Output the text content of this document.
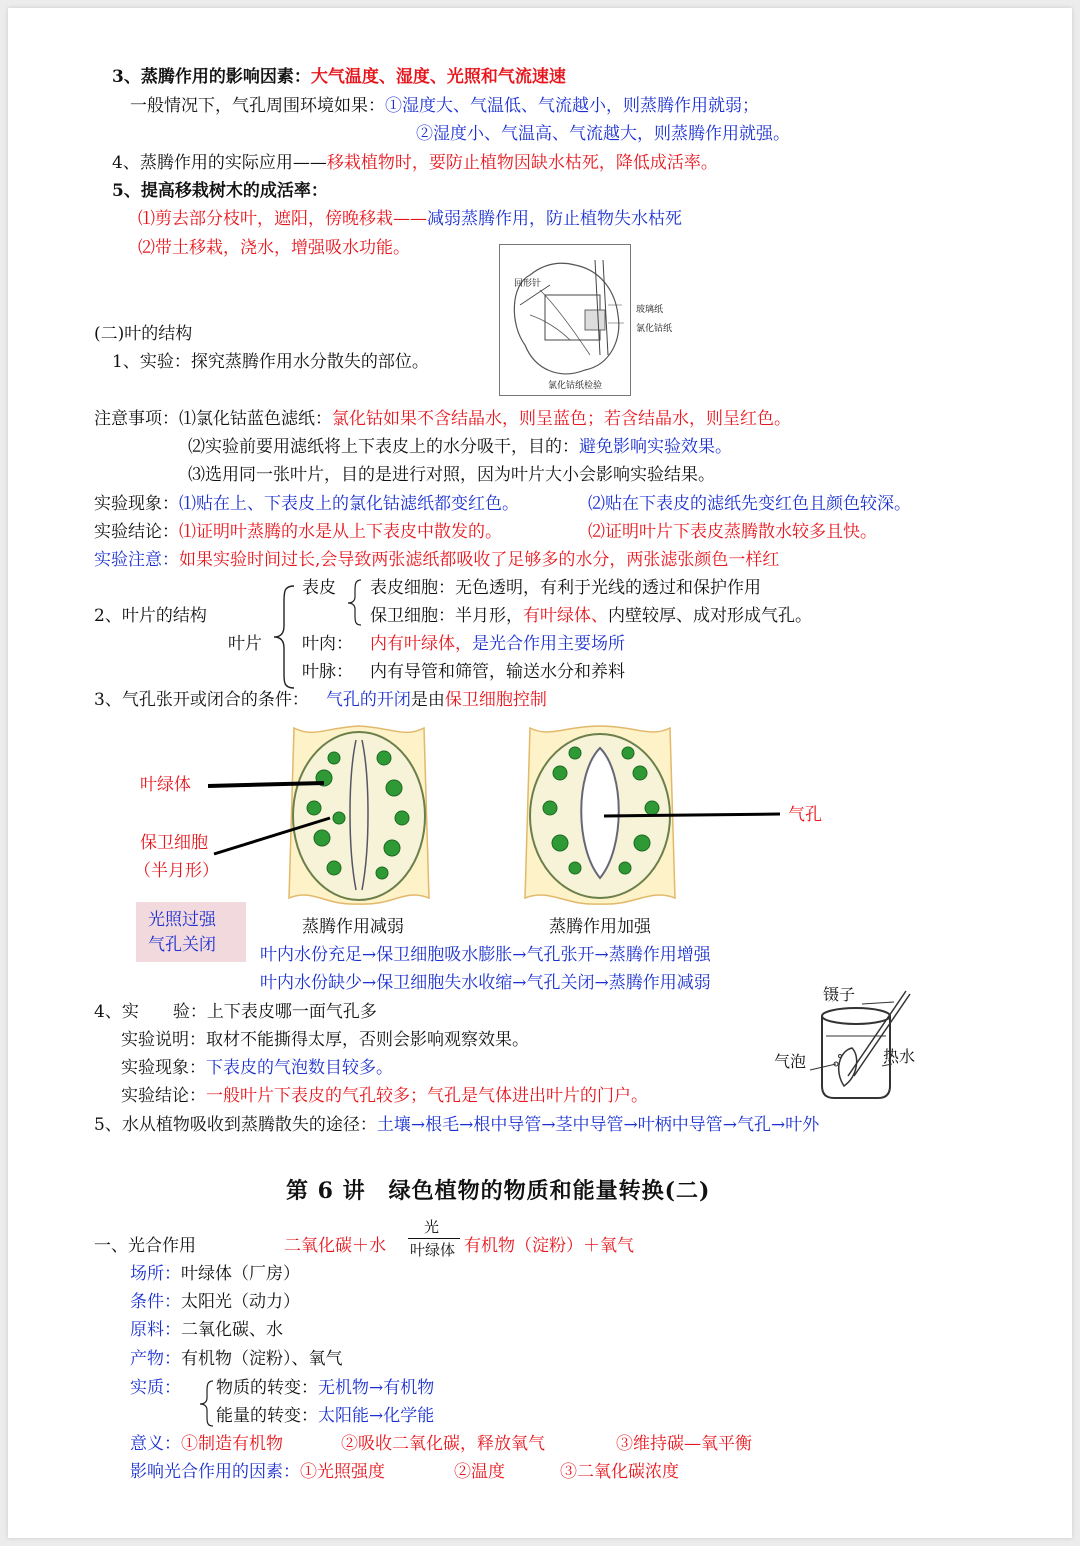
3、蒸腾作用的影响因素：大气温度、湿度、光照和气流速速
一般情况下，气孔周围环境如果：①湿度大、气温低、气流越小，则蒸腾作用就弱；
②湿度小、气温高、气流越大，则蒸腾作用就强。
4、蒸腾作用的实际应用——移栽植物时，要防止植物因缺水枯死，降低成活率。
5、提高移栽树木的成活率：
⑴剪去部分枝叶，遮阳，傍晚移栽——减弱蒸腾作用，防止植物失水枯死
⑵带土移栽，浇水，增强吸水功能。
回形针
玻璃纸
氯化钴纸
氯化钴纸检验
(二)叶的结构
1、实验：探究蒸腾作用水分散失的部位。
注意事项：⑴氯化钴蓝色滤纸：氯化钴如果不含结晶水，则呈蓝色；若含结晶水，则呈红色。
⑵实验前要用滤纸将上下表皮上的水分吸干，目的：避免影响实验效果。
⑶选用同一张叶片，目的是进行对照，因为叶片大小会影响实验结果。
实验现象：⑴贴在上、下表皮上的氯化钴滤纸都变红色。	⑵贴在下表皮的滤纸先变红色且颜色较深。
实验结论：⑴证明叶蒸腾的水是从上下表皮中散发的。	⑵证明叶片下表皮蒸腾散水较多且快。
实验注意：如果实验时间过长,会导致两张滤纸都吸收了足够多的水分，两张滤张颜色一样红
2、叶片的结构
叶片
表皮 表皮细胞：无色透明，有利于光线的透过和保护作用
保卫细胞：半月形，有叶绿体、内壁较厚、成对形成气孔。
叶肉：  内有叶绿体，是光合作用主要场所
叶脉：  内有导管和筛管，输送水分和养料
3、气孔张开或闭合的条件：  气孔的开闭是由保卫细胞控制
叶绿体
保卫细胞
（半月形）
气孔
光照过强
气孔关闭
蒸腾作用减弱	蒸腾作用加强
叶内水份充足→保卫细胞吸水膨胀→气孔张开→蒸腾作用增强
叶内水份缺少→保卫细胞失水收缩→气孔关闭→蒸腾作用减弱
4、实　　验：上下表皮哪一面气孔多
实验说明：取材不能撕得太厚，否则会影响观察效果。
实验现象：下表皮的气泡数目较多。
实验结论：一般叶片下表皮的气孔较多；气孔是气体进出叶片的门户。
镊子
气泡	热水
5、水从植物吸收到蒸腾散失的途径：土壤→根毛→根中导管→茎中导管→叶柄中导管→气孔→叶外
第 6 讲  绿色植物的物质和能量转换(二)
一、光合作用	二氧化碳＋水
光
叶绿体 有机物（淀粉）＋氧气
场所：叶绿体（厂房）
条件：太阳光（动力）
原料：二氧化碳、水
产物：有机物（淀粉）、氧气
实质： 物质的转变：无机物→有机物
能量的转变：太阳能→化学能
意义：①制造有机物	②吸收二氧化碳，释放氧气	③维持碳—氧平衡
影响光合作用的因素：①光照强度	②温度	③二氧化碳浓度
